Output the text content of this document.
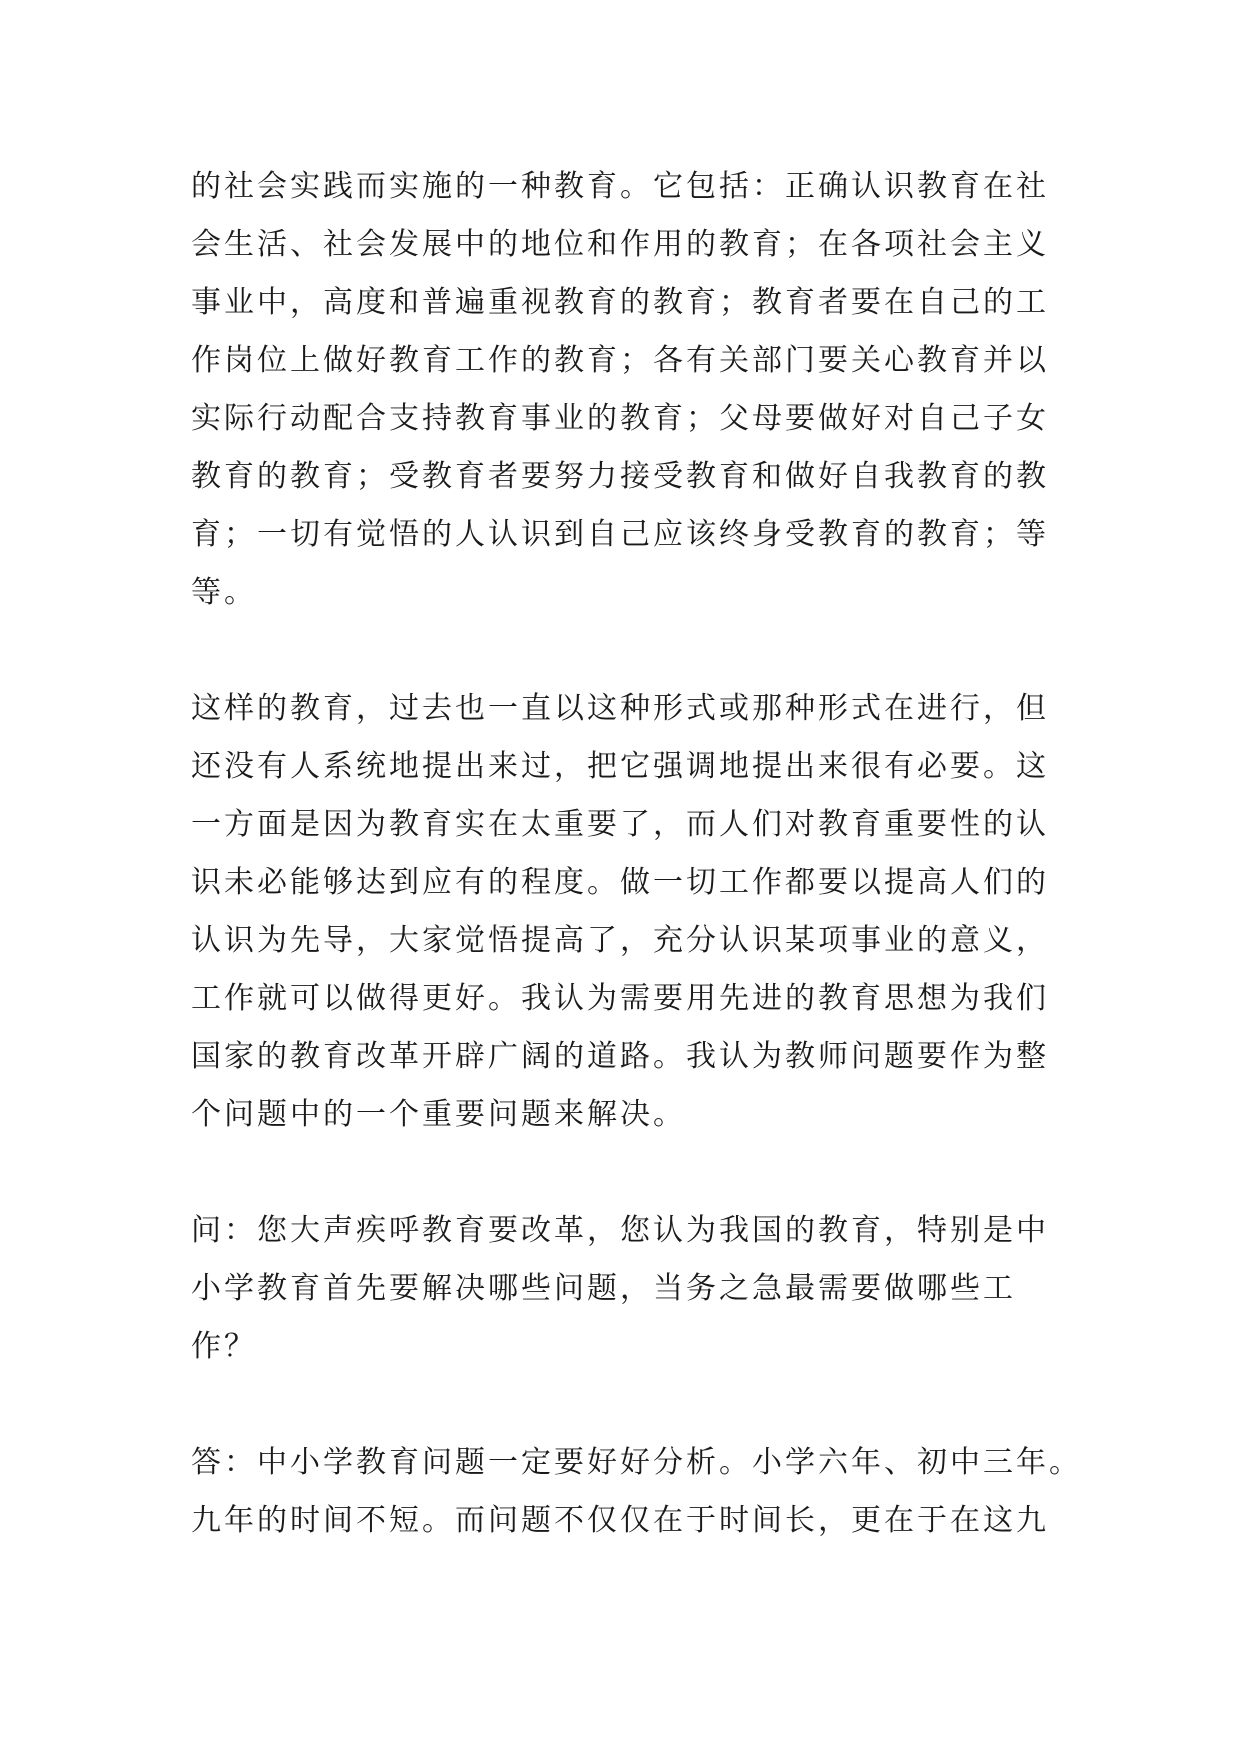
的社会实践而实施的一种教育。它包括：正确认识教育在社
会生活、社会发展中的地位和作用的教育；在各项社会主义
事业中，高度和普遍重视教育的教育；教育者要在自己的工
作岗位上做好教育工作的教育；各有关部门要关心教育并以
实际行动配合支持教育事业的教育；父母要做好对自己子女
教育的教育；受教育者要努力接受教育和做好自我教育的教
育；一切有觉悟的人认识到自己应该终身受教育的教育；等
等。
这样的教育，过去也一直以这种形式或那种形式在进行，但
还没有人系统地提出来过，把它强调地提出来很有必要。这
一方面是因为教育实在太重要了，而人们对教育重要性的认
识未必能够达到应有的程度。做一切工作都要以提高人们的
认识为先导，大家觉悟提高了，充分认识某项事业的意义，
工作就可以做得更好。我认为需要用先进的教育思想为我们
国家的教育改革开辟广阔的道路。我认为教师问题要作为整
个问题中的一个重要问题来解决。
问：您大声疾呼教育要改革，您认为我国的教育，特别是中
小学教育首先要解决哪些问题，当务之急最需要做哪些工
作？
答：中小学教育问题一定要好好分析。小学六年、初中三年。
九年的时间不短。而问题不仅仅在于时间长，更在于在这九
